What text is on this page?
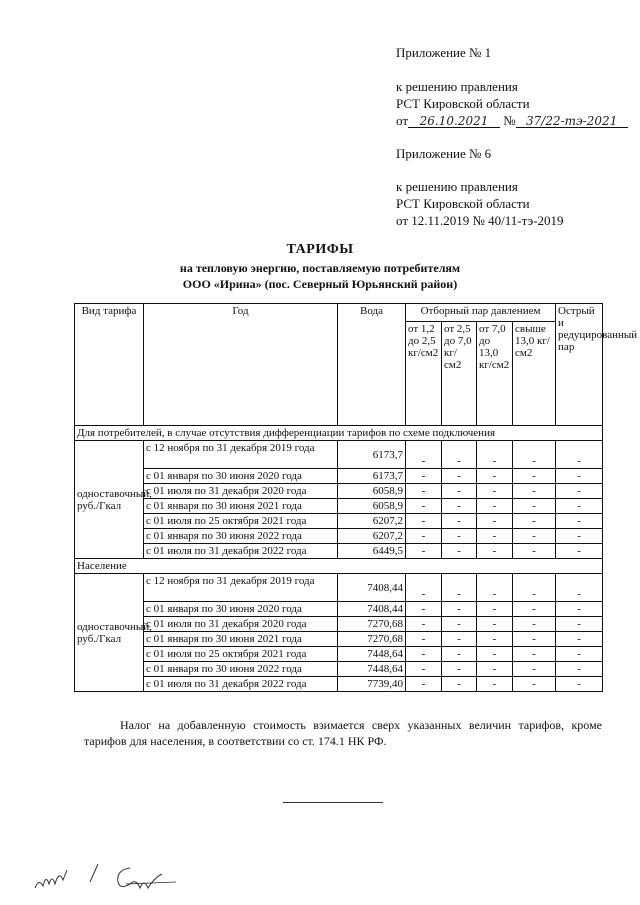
Приложение № 1
к решению правления
РСТ Кировской области
от 26.10.2021 № 37/22-тэ-2021
Приложение № 6
к решению правления
РСТ Кировской области
от 12.11.2019 № 40/11-тэ-2019
ТАРИФЫ
на тепловую энергию, поставляемую потребителям
ООО «Ирина» (пос. Северный Юрьянский район)
Вид тарифа	Год	Вода	Отборный пар давлением				Острый и редуцированный пар
			от 1,2 до 2,5 кг/см2	от 2,5 до 7,0 кг/см2	от 7,0 до 13,0 кг/см2	свыше 13,0 кг/см2	
Для потребителей, в случае отсутствия дифференциации тарифов по схеме подключения							
одноставочный, руб./Гкал	с 12 ноября по 31 декабря 2019 года	6173,7	-	-	-	-	-
	с 01 января по 30 июня 2020 года	6173,7	-	-	-	-	-
	с 01 июля по 31 декабря 2020 года	6058,9	-	-	-	-	-
	с 01 января по 30 июня 2021 года	6058,9	-	-	-	-	-
	с 01 июля по 25 октября 2021 года	6207,2	-	-	-	-	-
	с 01 января по 30 июня 2022 года	6207,2	-	-	-	-	-
	с 01 июля по 31 декабря 2022 года	6449,5	-	-	-	-	-
Население							
одноставочный, руб./Гкал	с 12 ноября по 31 декабря 2019 года	7408,44	-	-	-	-	-
	с 01 января по 30 июня 2020 года	7408,44	-	-	-	-	-
	с 01 июля по 31 декабря 2020 года	7270,68	-	-	-	-	-
	с 01 января по 30 июня 2021 года	7270,68	-	-	-	-	-
	с 01 июля по 25 октября 2021 года	7448,64	-	-	-	-	-
	с 01 января по 30 июня 2022 года	7448,64	-	-	-	-	-
	с 01 июля по 31 декабря 2022 года	7739,40	-	-	-	-	-
Налог на добавленную стоимость взимается сверх указанных величин тарифов, кроме тарифов для населения, в соответствии со ст. 174.1 НК РФ.
